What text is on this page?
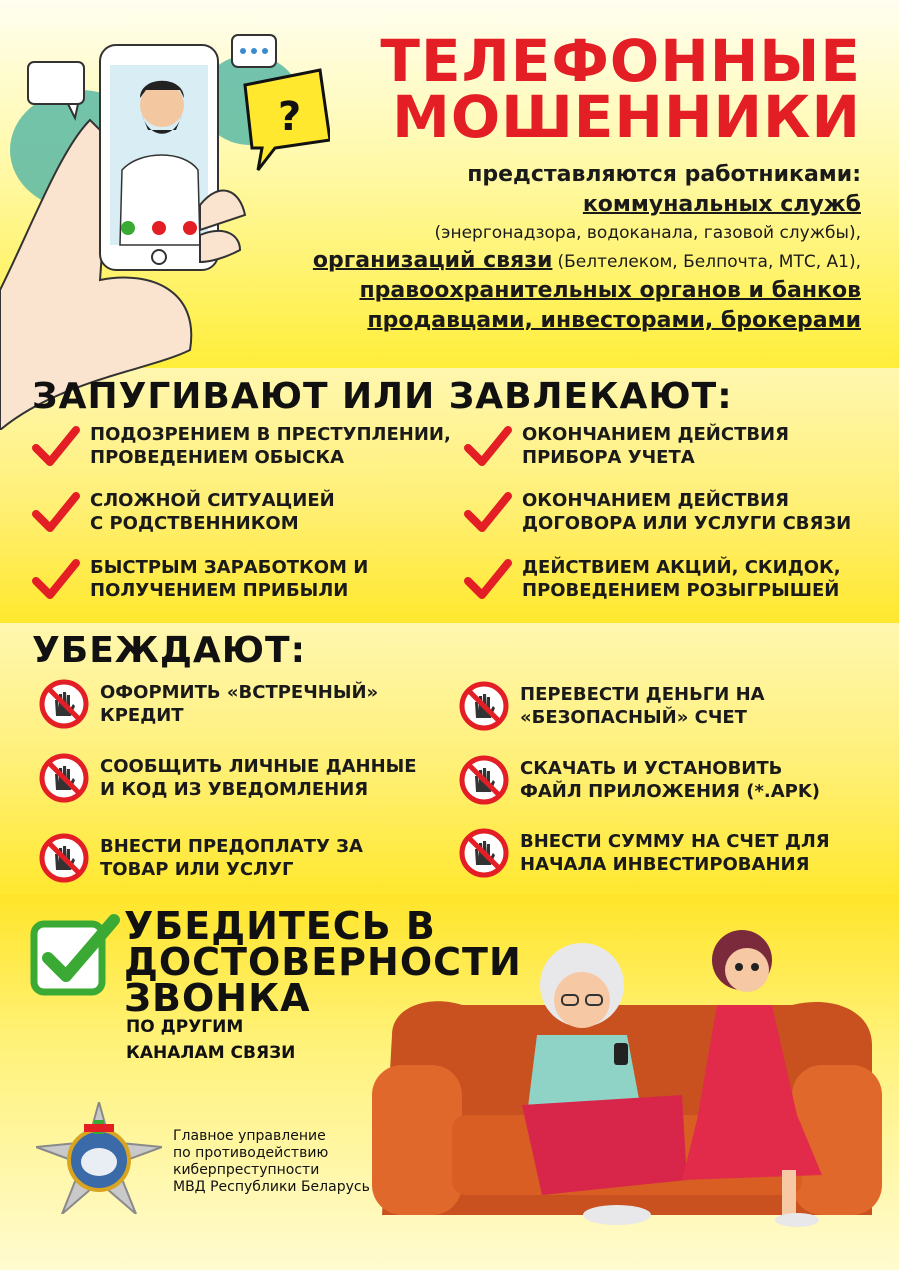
?
ТЕЛЕФОННЫЕ
МОШЕННИКИ
представляются работниками:
коммунальных служб
(энергонадзора, водоканала, газовой службы),
организаций связи (Белтелеком, Белпочта, МТС, А1),
правоохранительных органов и банков
продавцами, инвесторами, брокерами
ЗАПУГИВАЮТ ИЛИ ЗАВЛЕКАЮТ:
ПОДОЗРЕНИЕМ В ПРЕСТУПЛЕНИИ,
ПРОВЕДЕНИЕМ ОБЫСКА
ОКОНЧАНИЕМ ДЕЙСТВИЯ
ПРИБОРА УЧЕТА
СЛОЖНОЙ СИТУАЦИЕЙ
С РОДСТВЕННИКОМ
ОКОНЧАНИЕМ ДЕЙСТВИЯ
ДОГОВОРА ИЛИ УСЛУГИ СВЯЗИ
БЫСТРЫМ ЗАРАБОТКОМ И
ПОЛУЧЕНИЕМ ПРИБЫЛИ
ДЕЙСТВИЕМ АКЦИЙ, СКИДОК,
ПРОВЕДЕНИЕМ РОЗЫГРЫШЕЙ
УБЕЖДАЮТ:
ОФОРМИТЬ «ВСТРЕЧНЫЙ»
КРЕДИТ
ПЕРЕВЕСТИ ДЕНЬГИ НА
«БЕЗОПАСНЫЙ» СЧЕТ
СООБЩИТЬ ЛИЧНЫЕ ДАННЫЕ
И КОД ИЗ УВЕДОМЛЕНИЯ
СКАЧАТЬ И УСТАНОВИТЬ
ФАЙЛ ПРИЛОЖЕНИЯ (*.APK)
ВНЕСТИ ПРЕДОПЛАТУ ЗА
ТОВАР ИЛИ УСЛУГ
ВНЕСТИ СУММУ НА СЧЕТ ДЛЯ
НАЧАЛА ИНВЕСТИРОВАНИЯ
УБЕДИТЕСЬ В
ДОСТОВЕРНОСТИ
ЗВОНКА
ПО ДРУГИМ
КАНАЛАМ СВЯЗИ
Главное управление
по противодействию
киберпреступности
МВД Республики Беларусь
